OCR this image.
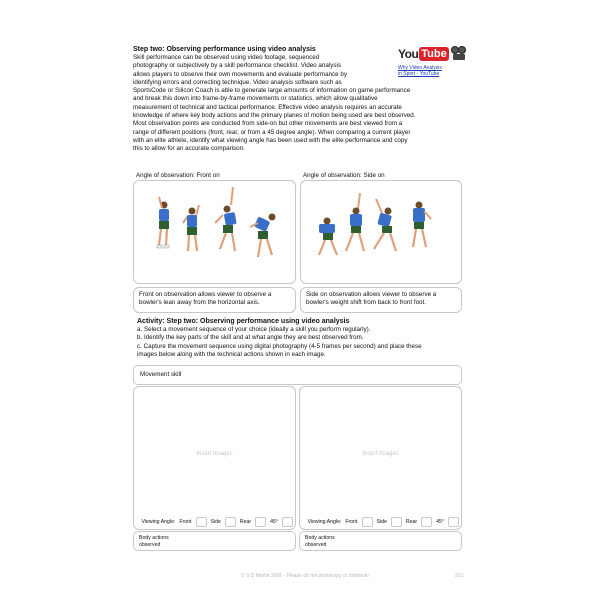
Step two: Observing performance using video analysis
Skill performance can be observed using video footage, sequenced
photography or subjectively by a skill performance checklist. Video analysis
allows players to observe their own movements and evaluate performance by
identifying errors and correcting technique. Video analysis software such as
SportsCode or Silicon Coach is able to generate large amounts of information on game performance
and break this down into frame-by-frame movements or statistics, which allow qualitative
measurement of technical and tactical performance. Effective video analysis requires an accurate
knowledge of where key body actions and the primary planes of motion being used are best observed.
Most observation points are conducted from side-on but other movements are best viewed from a
range of different positions (front, rear, or from a 45 degree angle). When comparing a current player
with an elite athlete, identify what viewing angle has been used with the elite performance and copy
this to allow for an accurate comparison.
You Tube
Why Video Analysis
in Sport - YouTube
Angle of observation: Front on	Angle of observation: Side on
Front on observation allows viewer to observe a
bowler's lean away from the horizontal axis.
Side on observation allows viewer to observe a
bowler's weight shift from back to front foot.
Activity: Step two: Observing performance using video analysis
a. Select a movement sequence of your choice (ideally a skill you perform regularly).
b. Identify the key parts of the skill and at what angle they are best observed from.
c. Capture the movement sequence using digital photography (4-5 frames per second) and place these
images below along with the technical actions shown in each image.
Movement skill
Insert Images
Viewing Angle: Front	Side	Rear	45°
Insert Images
Viewing Angle: Front	Side	Rear	45°
Body actions
observed
Body actions
observed
© S D Martin 2026 - Please do not photocopy or distribute	103
